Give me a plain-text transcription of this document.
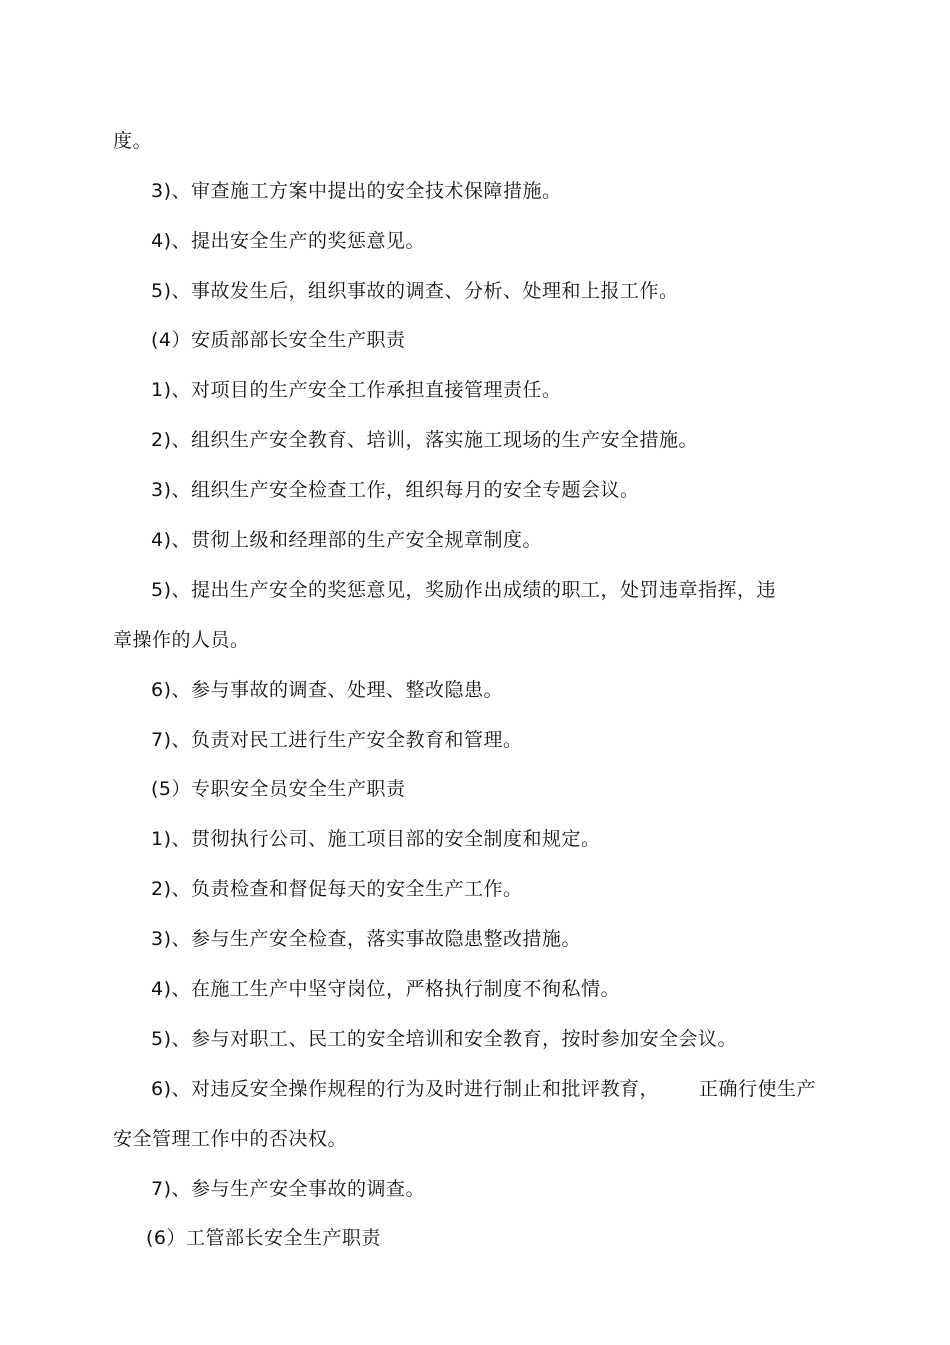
度。
3)、审查施工方案中提出的安全技术保障措施。
4)、提出安全生产的奖惩意见。
5)、事故发生后，组织事故的调查、分析、处理和上报工作。
(4）安质部部长安全生产职责
1)、对项目的生产安全工作承担直接管理责任。
2)、组织生产安全教育、培训，落实施工现场的生产安全措施。
3)、组织生产安全检查工作，组织每月的安全专题会议。
4)、贯彻上级和经理部的生产安全规章制度。
5)、提出生产安全的奖惩意见，奖励作出成绩的职工，处罚违章指挥，违
章操作的人员。
6)、参与事故的调查、处理、整改隐患。
7)、负责对民工进行生产安全教育和管理。
(5）专职安全员安全生产职责
1)、贯彻执行公司、施工项目部的安全制度和规定。
2)、负责检查和督促每天的安全生产工作。
3)、参与生产安全检查，落实事故隐患整改措施。
4)、在施工生产中坚守岗位，严格执行制度不徇私情。
5)、参与对职工、民工的安全培训和安全教育，按时参加安全会议。
6)、对违反安全操作规程的行为及时进行制止和批评教育， 正确行使生产
安全管理工作中的否决权。
7)、参与生产安全事故的调查。
(6）工管部长安全生产职责
